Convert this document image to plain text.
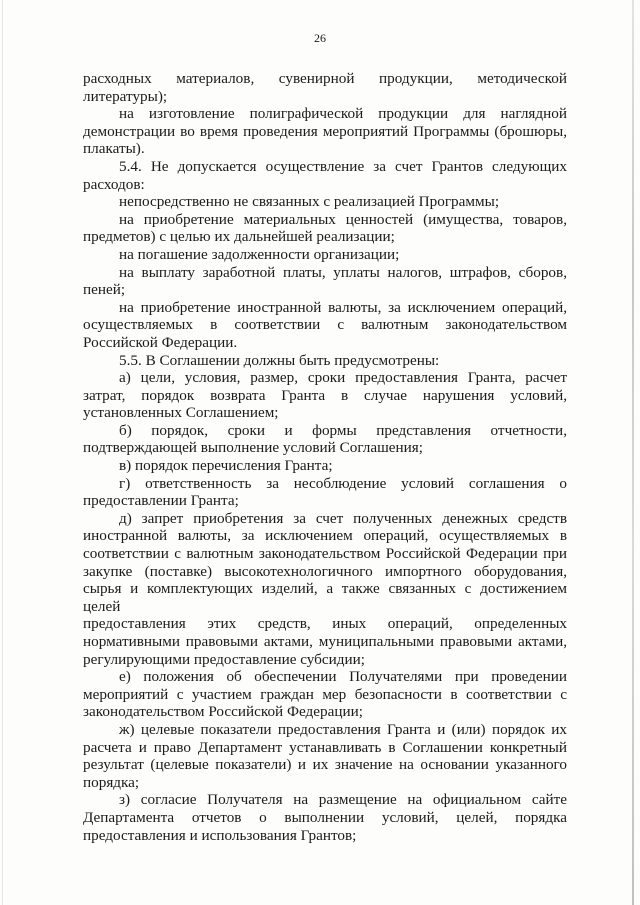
26
расходных материалов, сувенирной продукции, методической
литературы);
на изготовление полиграфической продукции для наглядной
демонстрации во время проведения мероприятий Программы (брошюры,
плакаты).
5.4. Не допускается осуществление за счет Грантов следующих
расходов:
непосредственно не связанных с реализацией Программы;
на приобретение материальных ценностей (имущества, товаров,
предметов) с целью их дальнейшей реализации;
на погашение задолженности организации;
на выплату заработной платы, уплаты налогов, штрафов, сборов,
пеней;
на приобретение иностранной валюты, за исключением операций,
осуществляемых в соответствии с валютным законодательством
Российской Федерации.
5.5. В Соглашении должны быть предусмотрены:
а) цели, условия, размер, сроки предоставления Гранта, расчет
затрат, порядок возврата Гранта в случае нарушения условий,
установленных Соглашением;
б) порядок, сроки и формы представления отчетности,
подтверждающей выполнение условий Соглашения;
в) порядок перечисления Гранта;
г) ответственность за несоблюдение условий соглашения о
предоставлении Гранта;
д) запрет приобретения за счет полученных денежных средств
иностранной валюты, за исключением операций, осуществляемых в
соответствии с валютным законодательством Российской Федерации при
закупке (поставке) высокотехнологичного импортного оборудования,
сырья и комплектующих изделий, а также связанных с достижением целей
предоставления этих средств, иных операций, определенных
нормативными правовыми актами, муниципальными правовыми актами,
регулирующими предоставление субсидии;
е) положения об обеспечении Получателями при проведении
мероприятий с участием граждан мер безопасности в соответствии с
законодательством Российской Федерации;
ж) целевые показатели предоставления Гранта и (или) порядок их
расчета и право Департамент устанавливать в Соглашении конкретный
результат (целевые показатели) и их значение на основании указанного
порядка;
з) согласие Получателя на размещение на официальном сайте
Департамента отчетов о выполнении условий, целей, порядка
предоставления и использования Грантов;
